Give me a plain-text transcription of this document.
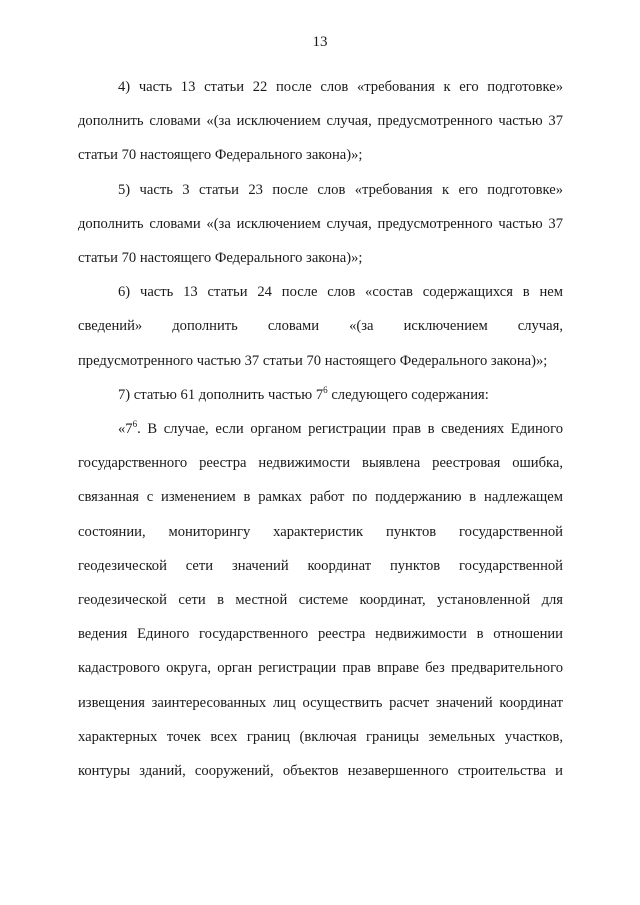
13
4) часть 13 статьи 22 после слов «требования к его подготовке»
дополнить словами «(за исключением случая, предусмотренного частью 37
статьи 70 настоящего Федерального закона)»;
5) часть 3 статьи 23 после слов «требования к его подготовке»
дополнить словами «(за исключением случая, предусмотренного частью 37
статьи 70 настоящего Федерального закона)»;
6) часть 13 статьи 24 после слов «состав содержащихся в нем
сведений» дополнить словами «(за исключением случая,
предусмотренного частью 37 статьи 70 настоящего Федерального закона)»;
7) статью 61 дополнить частью $7^6$ следующего содержания:
«$7^6$. В случае, если органом регистрации прав в сведениях Единого
государственного реестра недвижимости выявлена реестровая ошибка,
связанная с изменением в рамках работ по поддержанию в надлежащем
состоянии, мониторингу характеристик пунктов государственной
геодезической сети значений координат пунктов государственной
геодезической сети в местной системе координат, установленной для
ведения Единого государственного реестра недвижимости в отношении
кадастрового округа, орган регистрации прав вправе без предварительного
извещения заинтересованных лиц осуществить расчет значений координат
характерных точек всех границ (включая границы земельных участков,
контуры зданий, сооружений, объектов незавершенного строительства и
